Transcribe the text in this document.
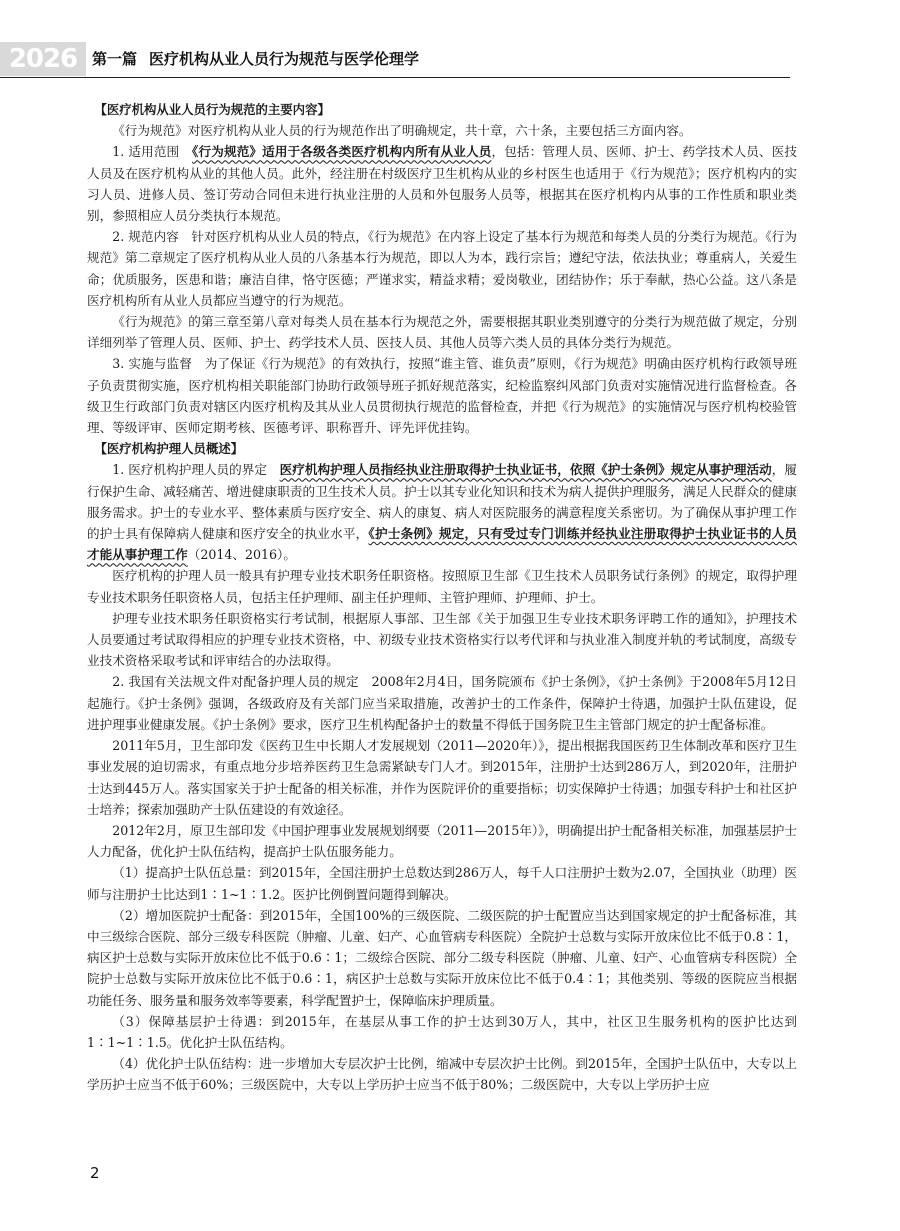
2026 第一篇 医疗机构从业人员行为规范与医学伦理学

【医疗机构从业人员行为规范的主要内容】

《行为规范》对医疗机构从业人员的行为规范作出了明确规定，共十章，六十条，主要包括三方面内容。

1. 适用范围　《行为规范》适用于各级各类医疗机构内所有从业人员，包括：管理人员、医师、护士、药学技术人员、医技人员及在医疗机构从业的其他人员。此外，经注册在村级医疗卫生机构从业的乡村医生也适用于《行为规范》；医疗机构内的实习人员、进修人员、签订劳动合同但未进行执业注册的人员和外包服务人员等，根据其在医疗机构内从事的工作性质和职业类别，参照相应人员分类执行本规范。

2. 规范内容　针对医疗机构从业人员的特点，《行为规范》在内容上设定了基本行为规范和每类人员的分类行为规范。《行为规范》第二章规定了医疗机构从业人员的八条基本行为规范，即以人为本，践行宗旨；遵纪守法，依法执业；尊重病人，关爱生命；优质服务，医患和谐；廉洁自律，恪守医德；严谨求实，精益求精；爱岗敬业，团结协作；乐于奉献，热心公益。这八条是医疗机构所有从业人员都应当遵守的行为规范。

《行为规范》的第三章至第八章对每类人员在基本行为规范之外，需要根据其职业类别遵守的分类行为规范做了规定，分别详细列举了管理人员、医师、护士、药学技术人员、医技人员、其他人员等六类人员的具体分类行为规范。

3. 实施与监督　为了保证《行为规范》的有效执行，按照“谁主管、谁负责”原则，《行为规范》明确由医疗机构行政领导班子负责贯彻实施，医疗机构相关职能部门协助行政领导班子抓好规范落实，纪检监察纠风部门负责对实施情况进行监督检查。各级卫生行政部门负责对辖区内医疗机构及其从业人员贯彻执行规范的监督检查，并把《行为规范》的实施情况与医疗机构校验管理、等级评审、医师定期考核、医德考评、职称晋升、评先评优挂钩。

【医疗机构护理人员概述】

1. 医疗机构护理人员的界定　医疗机构护理人员指经执业注册取得护士执业证书，依照《护士条例》规定从事护理活动，履行保护生命、减轻痛苦、增进健康职责的卫生技术人员。护士以其专业化知识和技术为病人提供护理服务，满足人民群众的健康服务需求。护士的专业水平、整体素质与医疗安全、病人的康复、病人对医院服务的满意程度关系密切。为了确保从事护理工作的护士具有保障病人健康和医疗安全的执业水平，《护士条例》规定，只有受过专门训练并经执业注册取得护士执业证书的人员才能从事护理工作（2014、2016）。

医疗机构的护理人员一般具有护理专业技术职务任职资格。按照原卫生部《卫生技术人员职务试行条例》的规定，取得护理专业技术职务任职资格人员，包括主任护理师、副主任护理师、主管护理师、护理师、护士。

护理专业技术职务任职资格实行考试制，根据原人事部、卫生部《关于加强卫生专业技术职务评聘工作的通知》，护理技术人员要通过考试取得相应的护理专业技术资格，中、初级专业技术资格实行以考代评和与执业准入制度并轨的考试制度，高级专业技术资格采取考试和评审结合的办法取得。

2. 我国有关法规文件对配备护理人员的规定　2008年2月4日，国务院颁布《护士条例》，《护士条例》于2008年5月12日起施行。《护士条例》强调，各级政府及有关部门应当采取措施，改善护士的工作条件，保障护士待遇，加强护士队伍建设，促进护理事业健康发展。《护士条例》要求，医疗卫生机构配备护士的数量不得低于国务院卫生主管部门规定的护士配备标准。

2011年5月，卫生部印发《医药卫生中长期人才发展规划（2011—2020年）》，提出根据我国医药卫生体制改革和医疗卫生事业发展的迫切需求，有重点地分步培养医药卫生急需紧缺专门人才。到2015年，注册护士达到286万人，到2020年，注册护士达到445万人。落实国家关于护士配备的相关标准，并作为医院评价的重要指标；切实保障护士待遇；加强专科护士和社区护士培养；探索加强助产士队伍建设的有效途径。

2012年2月，原卫生部印发《中国护理事业发展规划纲要（2011—2015年）》，明确提出护士配备相关标准，加强基层护士人力配备，优化护士队伍结构，提高护士队伍服务能力。

（1）提高护士队伍总量：到2015年，全国注册护士总数达到286万人，每千人口注册护士数为2.07，全国执业（助理）医师与注册护士比达到1∶1~1∶1.2。医护比例倒置问题得到解决。

（2）增加医院护士配备：到2015年，全国100%的三级医院、二级医院的护士配置应当达到国家规定的护士配备标准，其中三级综合医院、部分三级专科医院（肿瘤、儿童、妇产、心血管病专科医院）全院护士总数与实际开放床位比不低于0.8∶1，病区护士总数与实际开放床位比不低于0.6∶1；二级综合医院、部分二级专科医院（肿瘤、儿童、妇产、心血管病专科医院）全院护士总数与实际开放床位比不低于0.6∶1，病区护士总数与实际开放床位比不低于0.4∶1；其他类别、等级的医院应当根据功能任务、服务量和服务效率等要素，科学配置护士，保障临床护理质量。

（3）保障基层护士待遇：到2015年，在基层从事工作的护士达到30万人，其中，社区卫生服务机构的医护比达到1∶1~1∶1.5。优化护士队伍结构。

（4）优化护士队伍结构：进一步增加大专层次护士比例，缩减中专层次护士比例。到2015年，全国护士队伍中，大专以上学历护士应当不低于60%；三级医院中，大专以上学历护士应当不低于80%；二级医院中，大专以上学历护士应

2
